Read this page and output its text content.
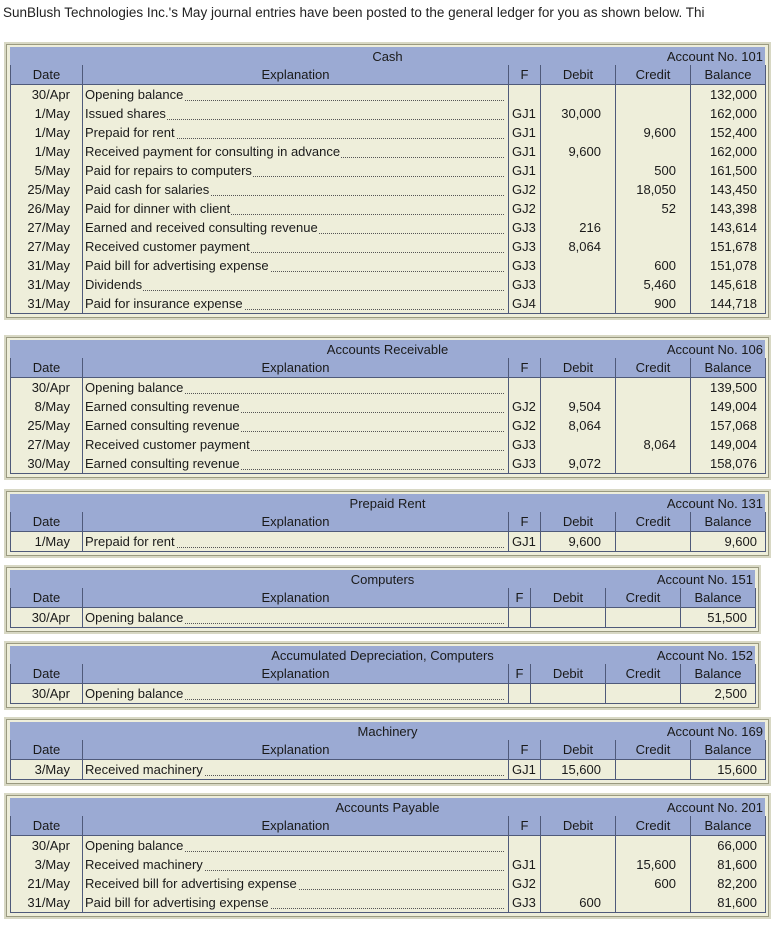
SunBlush Technologies Inc.'s May journal entries have been posted to the general ledger for you as shown below. Thi
Cash	Account No. 101
Date	Explanation	F	Debit	Credit	Balance
30/Apr	Opening balance				132,000
1/May	Issued shares	GJ1	30,000		162,000
1/May	Prepaid for rent	GJ1		9,600	152,400
1/May	Received payment for consulting in advance	GJ1	9,600		162,000
5/May	Paid for repairs to computers	GJ1		500	161,500
25/May	Paid cash for salaries	GJ2		18,050	143,450
26/May	Paid for dinner with client	GJ2		52	143,398
27/May	Earned and received consulting revenue	GJ3	216		143,614
27/May	Received customer payment	GJ3	8,064		151,678
31/May	Paid bill for advertising expense	GJ3		600	151,078
31/May	Dividends	GJ3		5,460	145,618
31/May	Paid for insurance expense	GJ4		900	144,718
Accounts Receivable	Account No. 106
Date	Explanation	F	Debit	Credit	Balance
30/Apr	Opening balance				139,500
8/May	Earned consulting revenue	GJ2	9,504		149,004
25/May	Earned consulting revenue	GJ2	8,064		157,068
27/May	Received customer payment	GJ3		8,064	149,004
30/May	Earned consulting revenue	GJ3	9,072		158,076
Prepaid Rent	Account No. 131
Date	Explanation	F	Debit	Credit	Balance
1/May	Prepaid for rent	GJ1	9,600		9,600
Computers	Account No. 151
Date	Explanation	F	Debit	Credit	Balance
30/Apr	Opening balance				51,500
Accumulated Depreciation, Computers	Account No. 152
Date	Explanation	F	Debit	Credit	Balance
30/Apr	Opening balance				2,500
Machinery	Account No. 169
Date	Explanation	F	Debit	Credit	Balance
3/May	Received machinery	GJ1	15,600		15,600
Accounts Payable	Account No. 201
Date	Explanation	F	Debit	Credit	Balance
30/Apr	Opening balance				66,000
3/May	Received machinery	GJ1		15,600	81,600
21/May	Received bill for advertising expense	GJ2		600	82,200
31/May	Paid bill for advertising expense	GJ3	600		81,600
